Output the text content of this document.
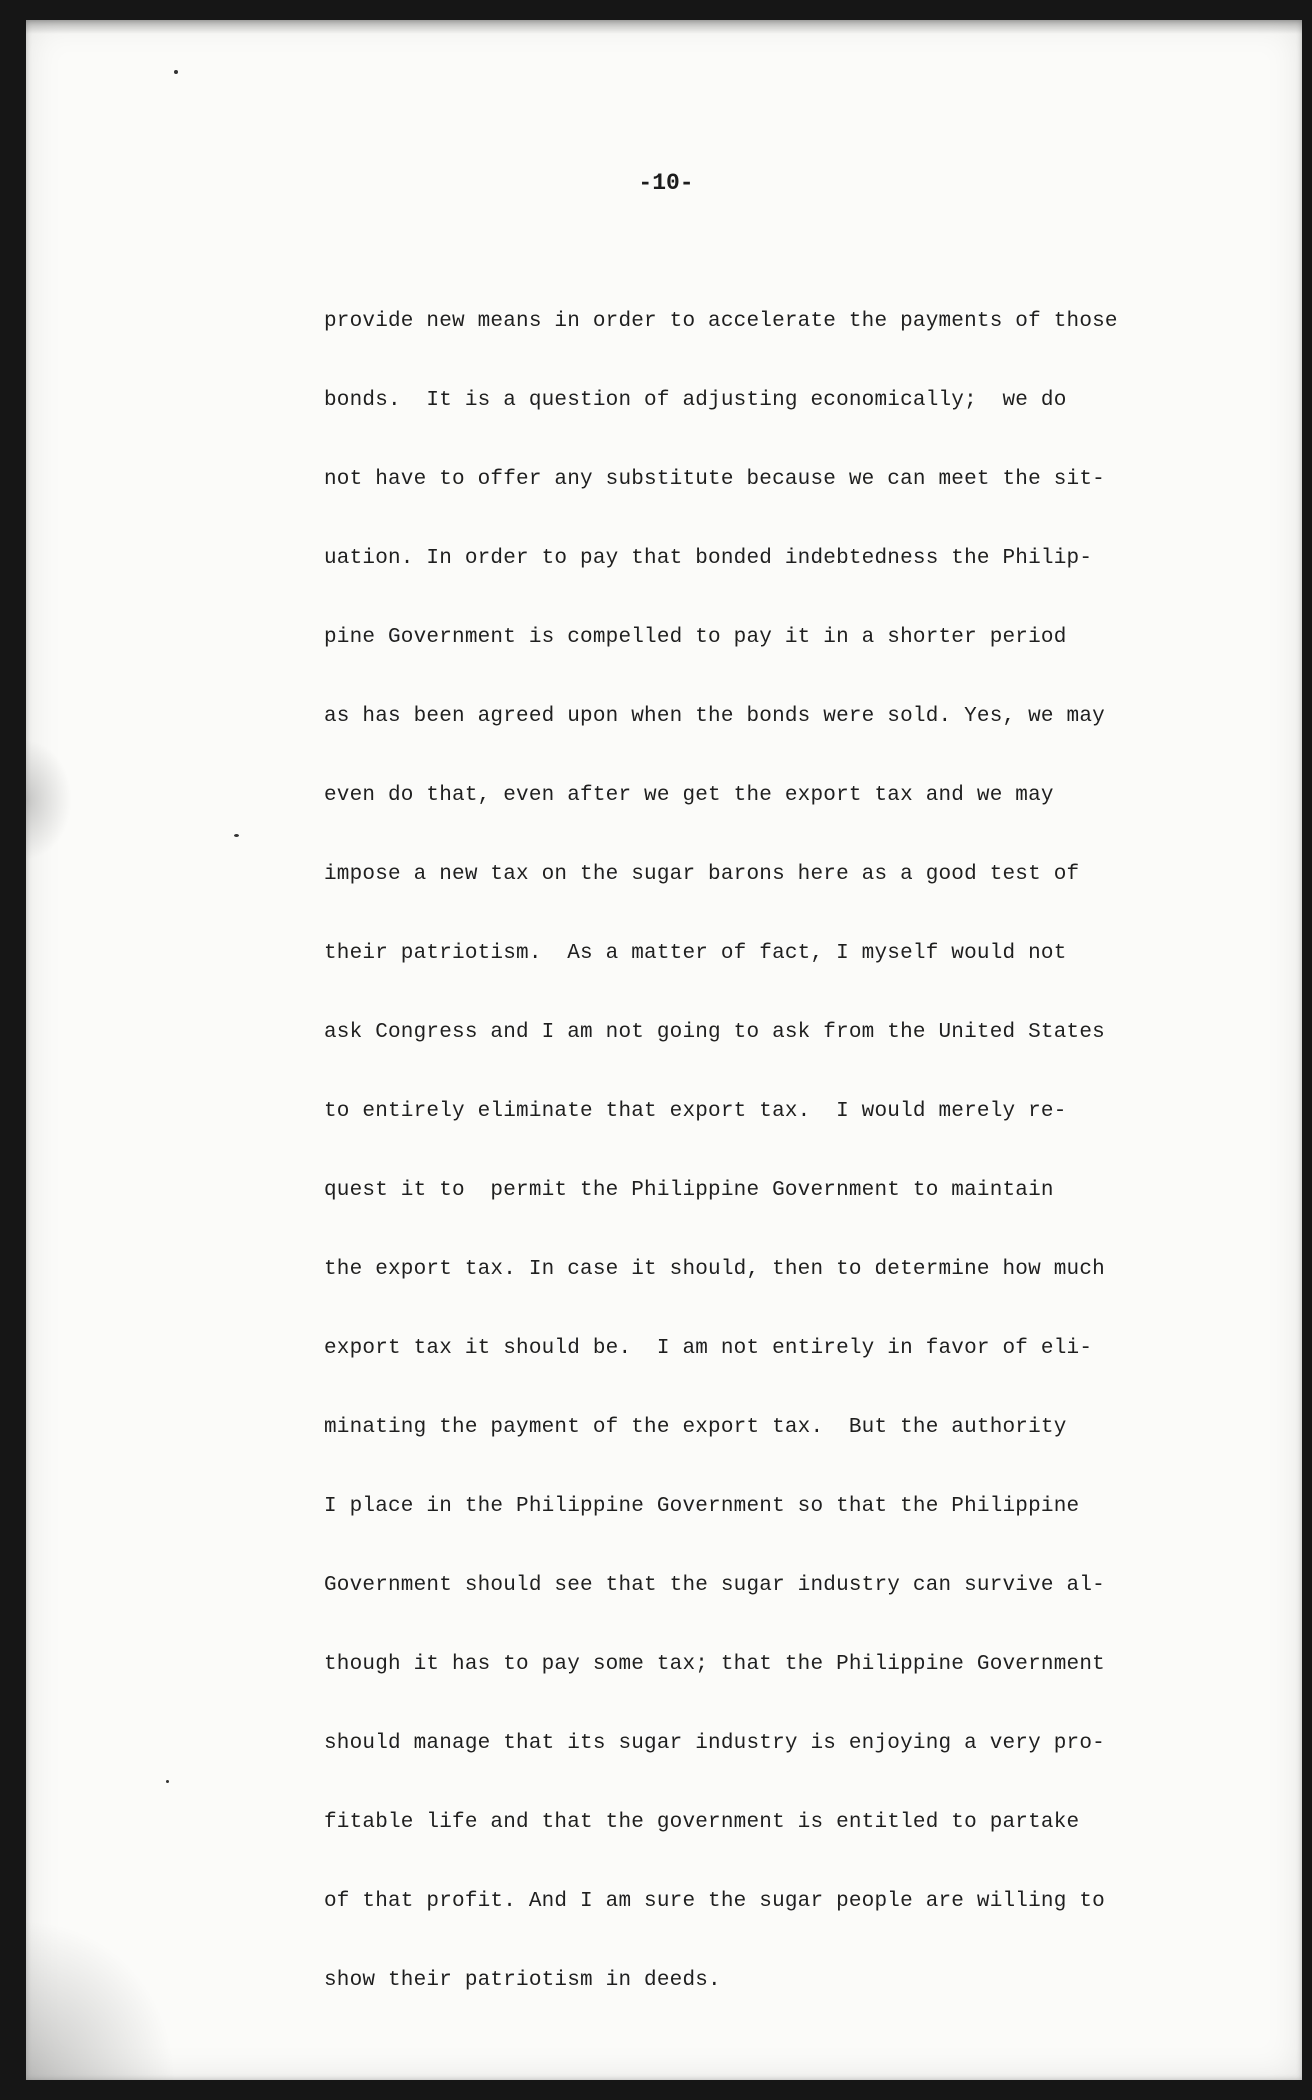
-10-

provide new means in order to accelerate the payments of those
bonds.  It is a question of adjusting economically;  we do
not have to offer any substitute because we can meet the sit-
uation. In order to pay that bonded indebtedness the Philip-
pine Government is compelled to pay it in a shorter period
as has been agreed upon when the bonds were sold. Yes, we may
even do that, even after we get the export tax and we may
impose a new tax on the sugar barons here as a good test of
their patriotism.  As a matter of fact, I myself would not
ask Congress and I am not going to ask from the United States
to entirely eliminate that export tax.  I would merely re-
quest it to  permit the Philippine Government to maintain
the export tax. In case it should, then to determine how much
export tax it should be.  I am not entirely in favor of eli-
minating the payment of the export tax.  But the authority
I place in the Philippine Government so that the Philippine
Government should see that the sugar industry can survive al-
though it has to pay some tax; that the Philippine Government
should manage that its sugar industry is enjoying a very pro-
fitable life and that the government is entitled to partake
of that profit. And I am sure the sugar people are willing to
show their patriotism in deeds.
